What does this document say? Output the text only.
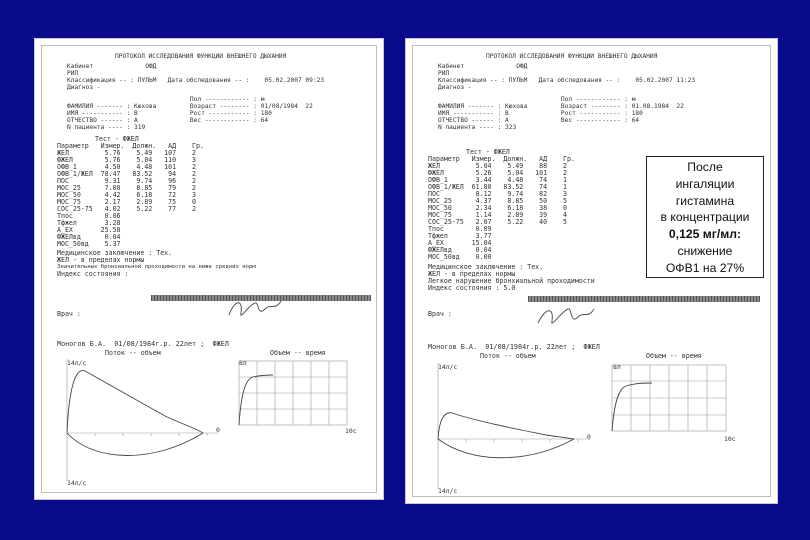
ПРОТОКОЛ ИССЛЕДОВАНИЯ ФУНКЦИИ ВНЕШНЕГО ДЫХАНИЯ
Кабинет              ОФД
РИП
Классификация -- : ПУЛЬМ   Дата обследования -- :    05.02.2007 09:23
Диагноз -
Пол ------------ : м
ФАМИЛИЯ ------- : Кюхова         Возраст -------- : 01/08/1984  22
ИМЯ ----------- : В              Рост ----------- : 180
ОТЧЕСТВО ------ : А              Вес ------------ : 64
N пациента ---- : 319
Тест - ФЖЕЛ
Параметр   Измер.  Должн.   АД    Гр.
ЖЕЛ         5.76    5.49   107    2
ФЖЕЛ        5.76    5.04   110    3
ОФВ_1       4.50    4.48   101    2
ОФВ_1/ЖЕЛ  78.47   83.52    94    2
ПОС         9.31    9.74    96    2
МОС_25      7.00    8.85    79    2
МОС_50      4.42    6.18    72    3
МОС_75      2.17    2.89    75    0
СОС_25-75   4.02    5.22    77    2
Тпос        0.06
Тфжел       3.28
А_ЕХ       25.58
ФЖЕЛвд      0.04
МОС_50вд    5.37
Медицинское заключение : Тех.
ЖЕЛ - в пределах нормы
Значительных бронхиальной проходимости на ниже средних норм
Индекс состояния :
Врач :
Моногов Б.А.  01/08/1984г.р. 22лет ;  ФЖЕЛ
Поток -- объем	Объем -- время
14л/с
14л/с
0
8л
10с
ПРОТОКОЛ ИССЛЕДОВАНИЯ ФУНКЦИИ ВНЕШНЕГО ДЫХАНИЯ
Кабинет              ОФД
РИП
Классификация -- : ПУЛЬМ   Дата обследования -- :    05.02.2007 11:23
Диагноз -
Пол ------------ : м
ФАМИЛИЯ ------- : Кюхова         Возраст -------- : 01.08.1984  22
ИМЯ ----------- : В              Рост ----------- : 180
ОТЧЕСТВО ------ : А              Вес ------------ : 64
N пациента ---- : 323
Тест - ФЖЕЛ
Параметр   Измер.  Должн.   АД    Гр.
ЖЕЛ         5.04    5.49    88    2
ФЖЕЛ        5.26    5.04   101    2
ОФВ_1       3.44    4.48    74    1
ОФВ_1/ЖЕЛ  61.80   83.52    74    1
ПОС         8.12    9.74    82    3
МОС_25      4.37    8.85    50    5
МОС_50      2.34    6.18    38    0
МОС_75      1.14    2.89    39    4
СОС_25-75   2.07    5.22    40    5
Тпос        0.09
Тфжел       3.77
А_ЕХ       15.04
ФЖЕЛвд      0.04
МОС_50вд    0.00
Медицинское заключение : Тех.
ЖЕЛ - в пределах нормы
Легкое нарушение бронхиальной проходимости
Индекс состояния : 5.0
Врач :
Моногов Б.А.  01/08/1984г.р. 22лет ;  ФЖЕЛ
Поток -- объем	Объем -- время
14л/с
14л/с
0
8л
10с
После
ингаляции
гистамина
в концентрации
0,125 мг/мл:
снижение
ОФВ1 на 27%
